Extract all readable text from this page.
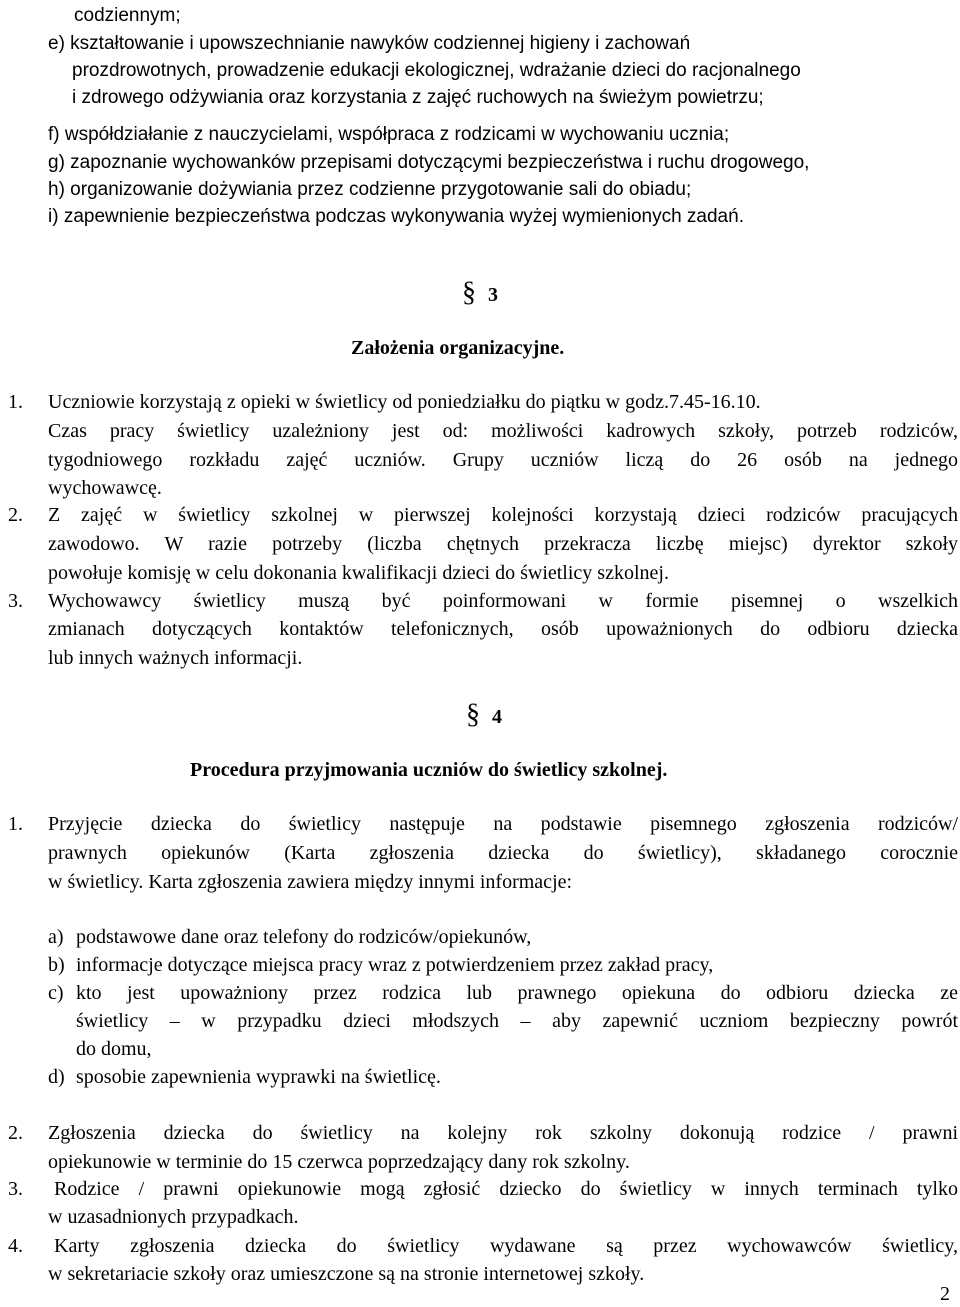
codziennym;
e) kształtowanie i upowszechnianie nawyków codziennej higieny i zachowań
prozdrowotnych, prowadzenie edukacji ekologicznej, wdrażanie dzieci do racjonalnego
i zdrowego odżywiania oraz korzystania z zajęć ruchowych na świeżym powietrzu;
f) współdziałanie z nauczycielami, współpraca z rodzicami w wychowaniu ucznia;
g) zapoznanie wychowanków przepisami dotyczącymi bezpieczeństwa i ruchu drogowego,
h) organizowanie dożywiania przez codzienne przygotowanie sali do obiadu;
i) zapewnienie bezpieczeństwa podczas wykonywania wyżej wymienionych zadań.
§ 3
Założenia organizacyjne.
1. Uczniowie korzystają z opieki w świetlicy od poniedziałku do piątku w godz.7.45-16.10.
Czas pracy świetlicy uzależniony jest od: możliwości kadrowych szkoły, potrzeb rodziców,
tygodniowego rozkładu zajęć uczniów. Grupy uczniów liczą do 26 osób na jednego
wychowawcę.
2. Z zajęć w świetlicy szkolnej w pierwszej kolejności korzystają dzieci rodziców pracujących
zawodowo. W razie potrzeby (liczba chętnych przekracza liczbę miejsc) dyrektor szkoły
powołuje komisję w celu dokonania kwalifikacji dzieci do świetlicy szkolnej.
3. Wychowawcy świetlicy muszą być poinformowani w formie pisemnej o wszelkich
zmianach dotyczących kontaktów telefonicznych, osób upoważnionych do odbioru dziecka
lub innych ważnych informacji.
§ 4
Procedura przyjmowania uczniów do świetlicy szkolnej.
1. Przyjęcie dziecka do świetlicy następuje na podstawie pisemnego zgłoszenia rodziców/
prawnych opiekunów (Karta zgłoszenia dziecka do świetlicy), składanego corocznie
w świetlicy. Karta zgłoszenia zawiera między innymi informacje:
a) podstawowe dane oraz telefony do rodziców/opiekunów,
b) informacje dotyczące miejsca pracy wraz z potwierdzeniem przez zakład pracy,
c) kto jest upoważniony przez rodzica lub prawnego opiekuna do odbioru dziecka ze
świetlicy – w przypadku dzieci młodszych – aby zapewnić uczniom bezpieczny powrót
do domu,
d) sposobie zapewnienia wyprawki na świetlicę.
2. Zgłoszenia dziecka do świetlicy na kolejny rok szkolny dokonują rodzice / prawni
opiekunowie w terminie do 15 czerwca poprzedzający dany rok szkolny.
3. Rodzice / prawni opiekunowie mogą zgłosić dziecko do świetlicy w innych terminach tylko
w uzasadnionych przypadkach.
4. Karty zgłoszenia dziecka do świetlicy wydawane są przez wychowawców świetlicy,
w sekretariacie szkoły oraz umieszczone są na stronie internetowej szkoły.
2
